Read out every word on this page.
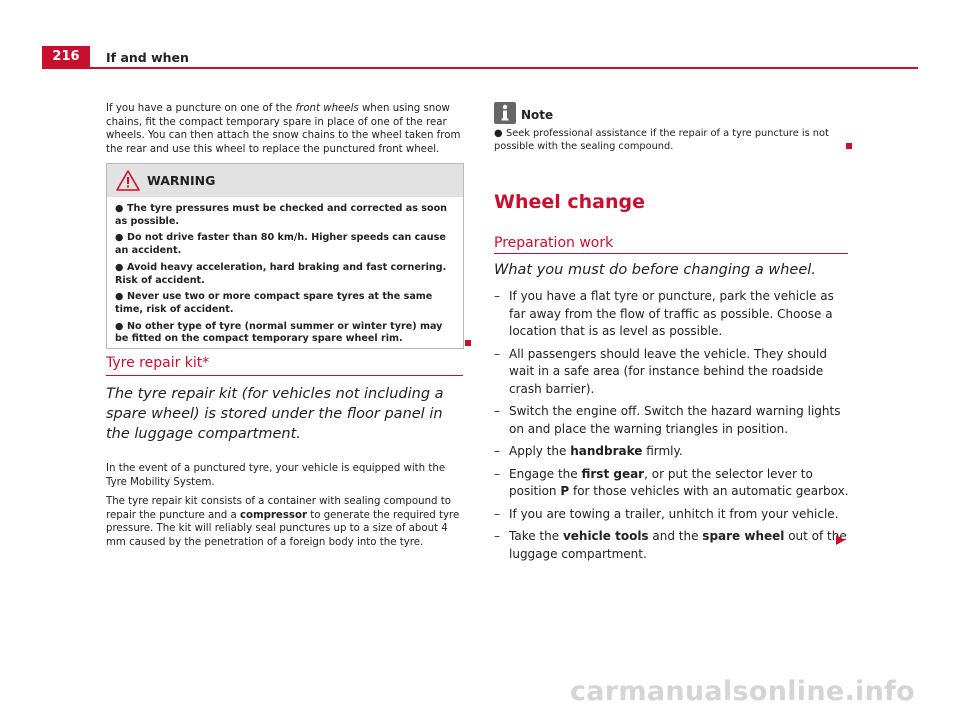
216	If and when

If you have a puncture on one of the front wheels when using snow chains, fit the compact temporary spare in place of one of the rear wheels. You can then attach the snow chains to the wheel taken from the rear and use this wheel to replace the punctured front wheel.

WARNING

● The tyre pressures must be checked and corrected as soon as possible.

● Do not drive faster than 80 km/h. Higher speeds can cause an accident.

● Avoid heavy acceleration, hard braking and fast cornering. Risk of accident.

● Never use two or more compact spare tyres at the same time, risk of accident.

● No other type of tyre (normal summer or winter tyre) may be fitted on the compact temporary spare wheel rim.

Tyre repair kit*
The tyre repair kit (for vehicles not including a spare wheel) is stored under the floor panel in the luggage compartment.

In the event of a punctured tyre, your vehicle is equipped with the Tyre Mobility System.

The tyre repair kit consists of a container with sealing compound to repair the puncture and a compressor to generate the required tyre pressure. The kit will reliably seal punctures up to a size of about 4 mm caused by the penetration of a foreign body into the tyre.

Note

● Seek professional assistance if the repair of a tyre puncture is not possible with the sealing compound.

Wheel change
Preparation work
What you must do before changing a wheel.
– If you have a flat tyre or puncture, park the vehicle as far away from the flow of traffic as possible. Choose a location that is as level as possible.
– All passengers should leave the vehicle. They should wait in a safe area (for instance behind the roadside crash barrier).
– Switch the engine off. Switch the hazard warning lights on and place the warning triangles in position.
– Apply the handbrake firmly.
– Engage the first gear, or put the selector lever to position P for those vehicles with an automatic gearbox.
– If you are towing a trailer, unhitch it from your vehicle.
– Take the vehicle tools and the spare wheel out of the luggage compartment.
carmanualsonline.info
